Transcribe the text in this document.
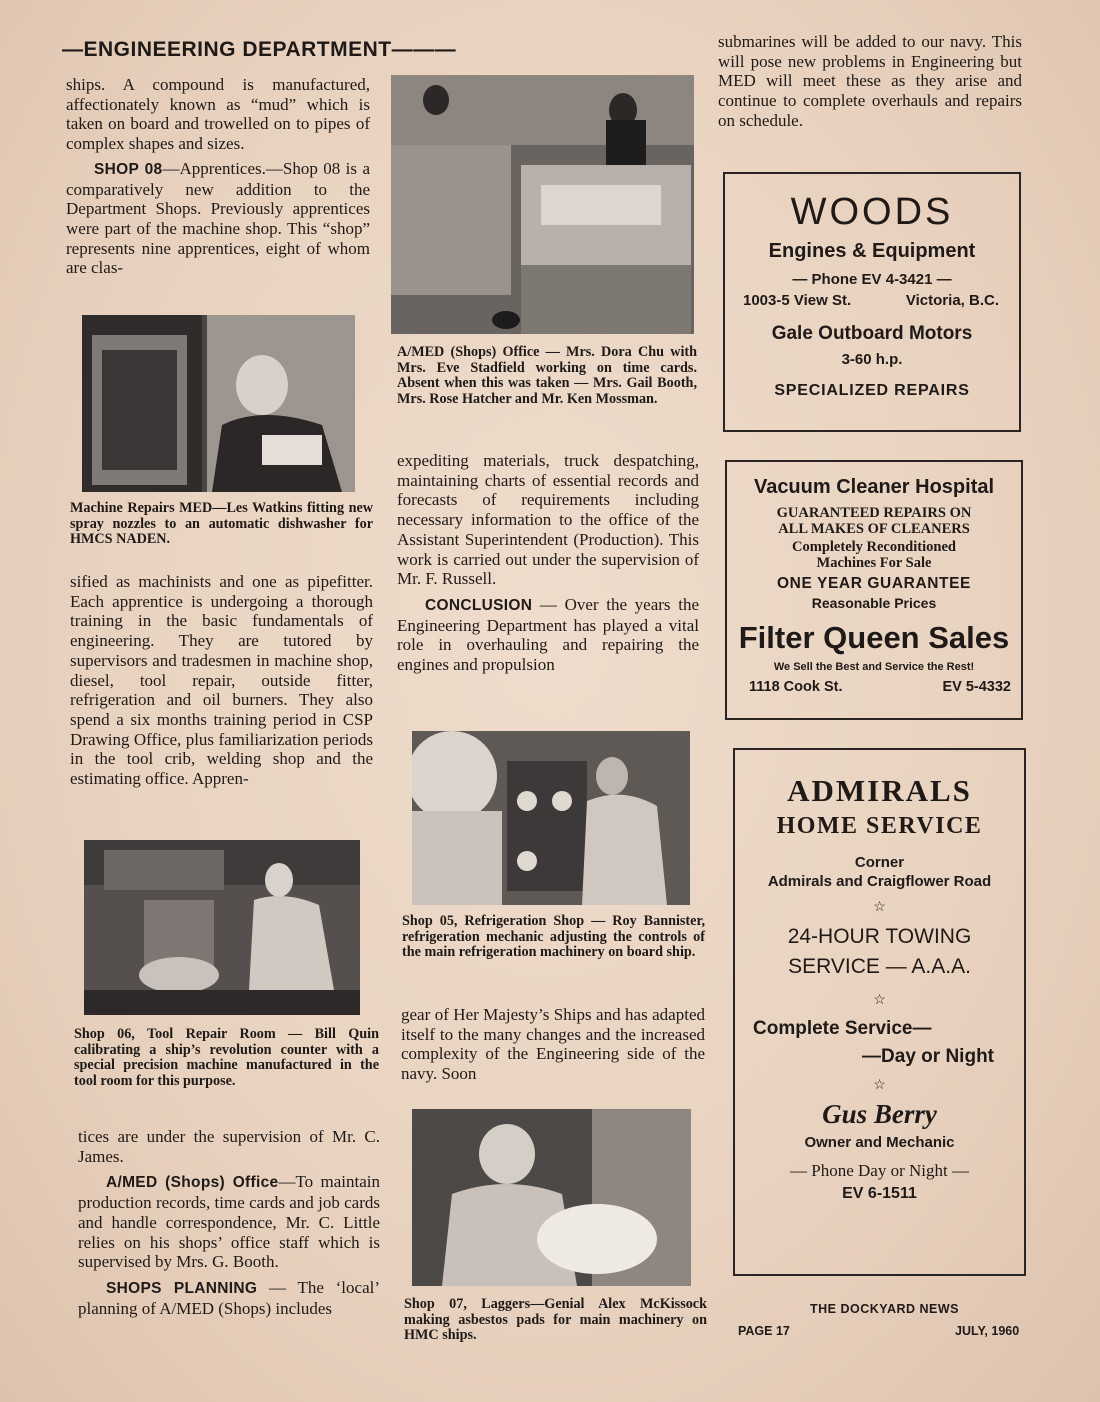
—ENGINEERING DEPARTMENT———

ships. A compound is manufactured, affectionately known as “mud” which is taken on board and trowelled on to pipes of complex shapes and sizes.

SHOP 08—Apprentices.—Shop 08 is a comparatively new addition to the Department Shops. Previously apprentices were part of the machine shop. This “shop” represents nine apprentices, eight of whom are clas-

Machine Repairs MED—Les Watkins fitting new spray nozzles to an automatic dishwasher for HMCS NADEN.

sified as machinists and one as pipefitter. Each apprentice is undergoing a thorough training in the basic fundamentals of engineering. They are tutored by supervisors and tradesmen in machine shop, diesel, tool repair, outside fitter, refrigeration and oil burners. They also spend a six months training period in CSP Drawing Office, plus familiarization periods in the tool crib, welding shop and the estimating office. Appren-

Shop 06, Tool Repair Room — Bill Quin calibrating a ship’s revolution counter with a special precision machine manufactured in the tool room for this purpose.

tices are under the supervision of Mr. C. James.

A/MED (Shops) Office—To maintain production records, time cards and job cards and handle correspondence, Mr. C. Little relies on his shops’ office staff which is supervised by Mrs. G. Booth.

SHOPS PLANNING — The ‘local’ planning of A/MED (Shops) includes

A/MED (Shops) Office — Mrs. Dora Chu with Mrs. Eve Stadfield working on time cards. Absent when this was taken — Mrs. Gail Booth, Mrs. Rose Hatcher and Mr. Ken Mossman.

expediting materials, truck despatching, maintaining charts of essential records and forecasts of requirements including necessary information to the office of the Assistant Superintendent (Production). This work is carried out under the supervision of Mr. F. Russell.

CONCLUSION — Over the years the Engineering Department has played a vital role in overhauling and repairing the engines and propulsion

Shop 05, Refrigeration Shop — Roy Bannister, refrigeration mechanic adjusting the controls of the main refrigeration machinery on board ship.

gear of Her Majesty’s Ships and has adapted itself to the many changes and the increased complexity of the Engineering side of the navy. Soon

Shop 07, Laggers—Genial Alex McKissock making asbestos pads for main machinery on HMC ships.

submarines will be added to our navy. This will pose new problems in Engineering but MED will meet these as they arise and continue to complete overhauls and repairs on schedule.

WOODS
Engines & Equipment
— Phone EV 4-3421 —
1003-5 View St.	Victoria, B.C.
Gale Outboard Motors
3-60 h.p.
SPECIALIZED REPAIRS
Vacuum Cleaner Hospital
GUARANTEED REPAIRS ON
ALL MAKES OF CLEANERS
Completely Reconditioned
Machines For Sale
ONE YEAR GUARANTEE
Reasonable Prices
Filter Queen Sales
We Sell the Best and Service the Rest!
1118 Cook St.	EV 5-4332
ADMIRALS
HOME SERVICE
Corner
Admirals and Craigflower Road
☆
24-HOUR TOWING
SERVICE — A.A.A.
☆
Complete Service—
—Day or Night
☆
Gus Berry
Owner and Mechanic
— Phone Day or Night —
EV 6-1511
THE DOCKYARD NEWS
PAGE 17	JULY, 1960
